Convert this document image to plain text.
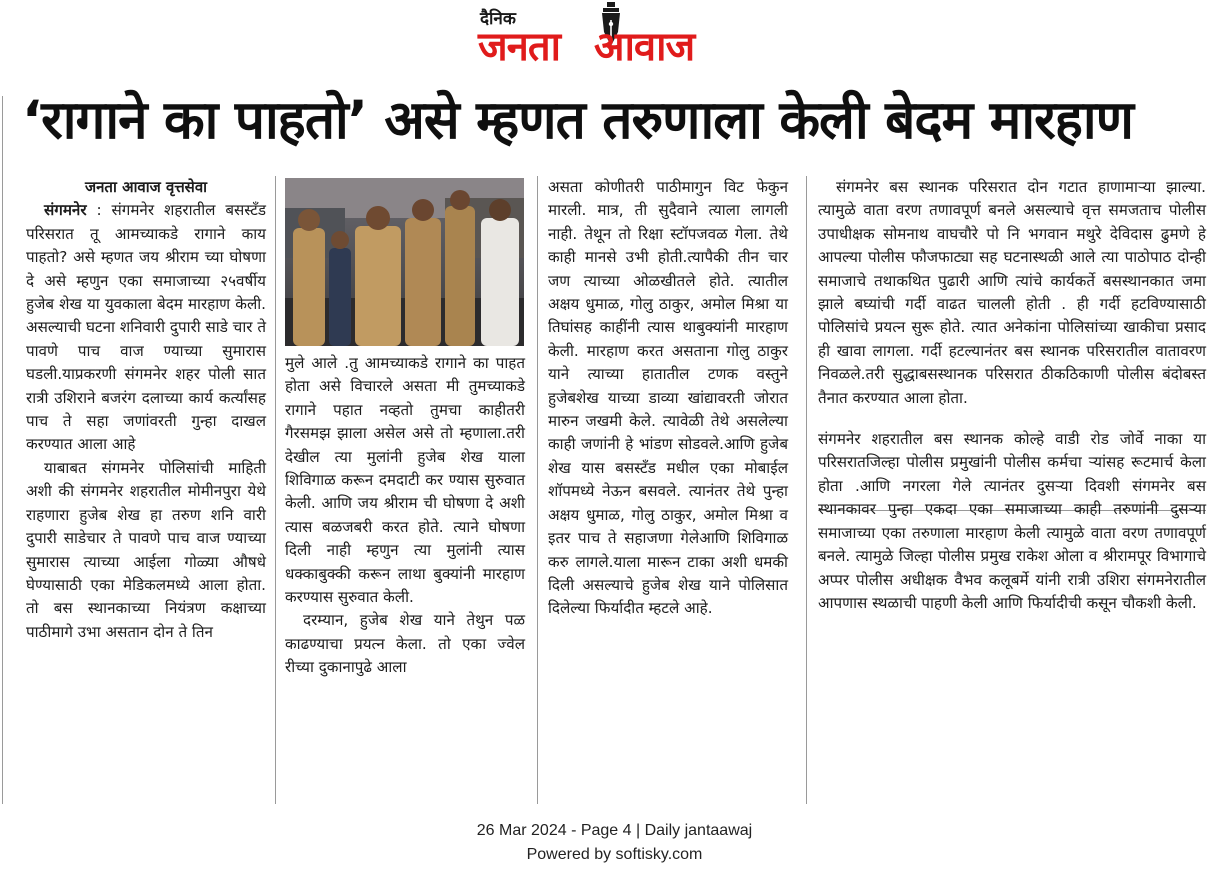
दैनिक
जनता आवाज
‘रागाने का पाहतो’ असे म्हणत तरुणाला केली बेदम मारहाण
जनता आवाज वृत्तसेवा

संगमनेर : संगमनेर शहरातील बसस्टँड परिसरात तू आमच्याकडे रागाने काय पाहतो? असे म्हणत जय श्रीराम च्या घोषणा दे असे म्हणुन एका समाजाच्या २५वर्षीय हुजेब शेख या युवकाला बेदम मारहाण केली. असल्याची घटना शनिवारी दुपारी साडे चार ते पावणे पाच वाज ण्याच्या सुमारास घडली.याप्रकरणी संगमनेर शहर पोली सात रात्री उशिराने बजरंग दलाच्या कार्य कर्त्यांसह पाच ते सहा जणांवरती गुन्हा दाखल करण्यात आला आहे

याबाबत संगमनेर पोलिसांची माहिती अशी की संगमनेर शहरातील मोमीनपुरा येथे राहणारा हुजेब शेख हा तरुण शनि वारी दुपारी साडेचार ते पावणे पाच वाज ण्याच्या सुमारास त्याच्या आईला गोळ्या औषधे घेण्यासाठी एका मेडिकलमध्ये आला होता. तो बस स्थानकाच्या नियंत्रण कक्षाच्या पाठीमागे उभा असतान दोन ते तिन

मुले आले .तु आमच्याकडे रागाने का पाहत होता असे विचारले असता मी तुमच्याकडे रागाने पहात नव्हतो तुमचा काहीतरी गैरसमझ झाला असेल असे तो म्हणाला.तरी देखील त्या मुलांनी हुजेब शेख याला शिविगाळ करून दमदाटी कर ण्यास सुरुवात केली. आणि जय श्रीराम ची घोषणा दे अशी त्यास बळजबरी करत होते. त्याने घोषणा दिली नाही म्हणुन त्या मुलांनी त्यास धक्काबुक्की करून लाथा बुक्यांनी मारहाण करण्यास सुरुवात केली.

दरम्यान, हुजेब शेख याने तेथुन पळ काढण्याचा प्रयत्न केला. तो एका ज्वेल रीच्या दुकानापुढे आला

असता कोणीतरी पाठीमागुन विट फेकुन मारली. मात्र, ती सुदैवाने त्याला लागली नाही. तेथून तो रिक्षा स्टॉपजवळ गेला. तेथे काही मानसे उभी होती.त्यापैकी तीन चार जण त्याच्या ओळखीतले होते. त्यातील अक्षय धुमाळ, गोलु ठाकुर, अमोल मिश्रा या तिघांसह काहींनी त्यास थाबुक्यांनी मारहाण केली. मारहाण करत असताना गोलु ठाकुर याने त्याच्या हातातील टणक वस्तुने हुजेबशेख याच्या डाव्या खांद्यावरती जोरात मारुन जखमी केले. त्यावेळी तेथे असलेल्या काही जणांनी हे भांडण सोडवले.आणि हुजेब शेख यास बसस्टँड मधील एका मोबाईल शॉपमध्ये नेऊन बसवले. त्यानंतर तेथे पुन्हा अक्षय धुमाळ, गोलु ठाकुर, अमोल मिश्रा व इतर पाच ते सहाजणा गेलेआणि शिविगाळ करु लागले.याला मारून टाका अशी धमकी दिली असल्याचे हुजेब शेख याने पोलिसात दिलेल्या फिर्यादीत म्हटले आहे.

संगमनेर बस स्थानक परिसरात दोन गटात हाणामाऱ्या झाल्या. त्यामुळे वाता वरण तणावपूर्ण बनले असल्याचे वृत्त समजताच पोलीस उपाधीक्षक सोमनाथ वाघचौरे पो नि भगवान मथुरे देविदास ढुमणे हे आपल्या पोलीस फौजफाट्या सह घटनास्थळी आले त्या पाठोपाठ दोन्ही समाजाचे तथाकथित पुढारी आणि त्यांचे कार्यकर्ते बसस्थानकात जमा झाले बघ्यांची गर्दी वाढत चालली होती . ही गर्दी हटविण्यासाठी पोलिसांचे प्रयत्न सुरू होते. त्यात अनेकांना पोलिसांच्या खाकीचा प्रसाद ही खावा लागला. गर्दी हटल्यानंतर बस स्थानक परिसरातील वातावरण निवळले.तरी सुद्धाबसस्थानक परिसरात ठीकठिकाणी पोलीस बंदोबस्त तैनात करण्यात आला होता.

संगमनेर शहरातील बस स्थानक कोल्हे वाडी रोड जोर्वे नाका या परिसरातजिल्हा पोलीस प्रमुखांनी पोलीस कर्मचा ऱ्यांसह रूटमार्च केला होता .आणि नगरला गेले त्यानंतर दुसऱ्या दिवशी संगमनेर बस स्थानकावर पुन्हा एकदा एका समाजाच्या काही तरुणांनी दुसऱ्या समाजाच्या एका तरुणाला मारहाण केली त्यामुळे वाता वरण तणावपूर्ण बनले. त्यामुळे जिल्हा पोलीस प्रमुख राकेश ओला व श्रीरामपूर विभागाचे अप्पर पोलीस अधीक्षक वैभव कलूबर्मे यांनी रात्री उशिरा संगमनेरातील आपणास स्थळाची पाहणी केली आणि फिर्यादीची कसून चौकशी केली.

26 Mar 2024 - Page 4 | Daily jantaawaj
Powered by softisky.com
